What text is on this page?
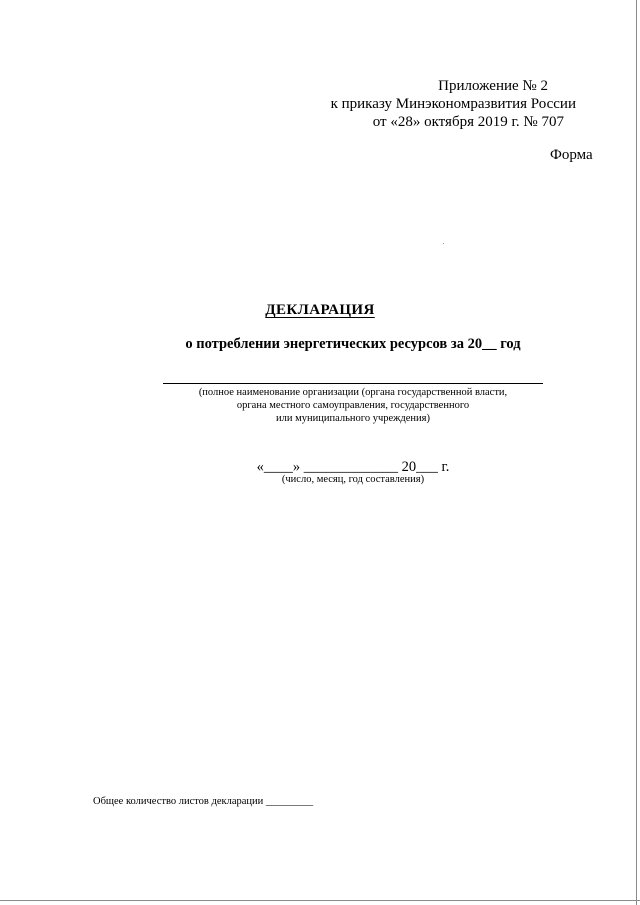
Приложение № 2
к приказу Минэкономразвития России
от «28» октября 2019 г. № 707
Форма
ДЕКЛАРАЦИЯ
о потреблении энергетических ресурсов за 20__ год
(полное наименование организации (органа государственной власти,
органа местного самоуправления, государственного
или муниципального учреждения)
«____» _____________ 20___ г.
(число, месяц, год составления)
Общее количество листов декларации _________
